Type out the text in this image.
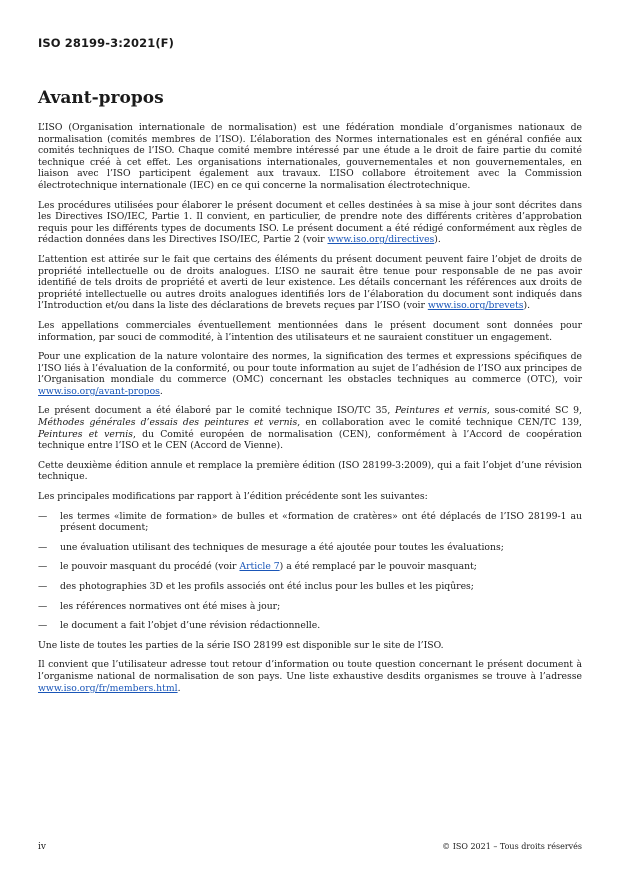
ISO 28199-3:2021(F)
Avant-propos

L’ISO (Organisation internationale de normalisation) est une fédération mondiale d’organismes nationaux de normalisation (comités membres de l’ISO). L’élaboration des Normes internationales est en général confiée aux comités techniques de l’ISO. Chaque comité membre intéressé par une étude a le droit de faire partie du comité technique créé à cet effet. Les organisations internationales, gouvernementales et non gouvernementales, en liaison avec l’ISO participent également aux travaux. L’ISO collabore étroitement avec la Commission électrotechnique internationale (IEC) en ce qui concerne la normalisation électrotechnique.

Les procédures utilisées pour élaborer le présent document et celles destinées à sa mise à jour sont décrites dans les Directives ISO/IEC, Partie 1. Il convient, en particulier, de prendre note des différents critères d’approbation requis pour les différents types de documents ISO. Le présent document a été rédigé conformément aux règles de rédaction données dans les Directives ISO/IEC, Partie 2 (voir www.iso.org/directives).

L’attention est attirée sur le fait que certains des éléments du présent document peuvent faire l’objet de droits de propriété intellectuelle ou de droits analogues. L’ISO ne saurait être tenue pour responsable de ne pas avoir identifié de tels droits de propriété et averti de leur existence. Les détails concernant les références aux droits de propriété intellectuelle ou autres droits analogues identifiés lors de l’élaboration du document sont indiqués dans l’Introduction et/ou dans la liste des déclarations de brevets reçues par l’ISO (voir www.iso.org/brevets).

Les appellations commerciales éventuellement mentionnées dans le présent document sont données pour information, par souci de commodité, à l’intention des utilisateurs et ne sauraient constituer un engagement.

Pour une explication de la nature volontaire des normes, la signification des termes et expressions spécifiques de l’ISO liés à l’évaluation de la conformité, ou pour toute information au sujet de l’adhésion de l’ISO aux principes de l’Organisation mondiale du commerce (OMC) concernant les obstacles techniques au commerce (OTC), voir www.iso.org/avant-propos.

Le présent document a été élaboré par le comité technique ISO/TC 35, Peintures et vernis, sous-comité SC 9, Méthodes générales d’essais des peintures et vernis, en collaboration avec le comité technique CEN/TC 139, Peintures et vernis, du Comité européen de normalisation (CEN), conformément à l’Accord de coopération technique entre l’ISO et le CEN (Accord de Vienne).

Cette deuxième édition annule et remplace la première édition (ISO 28199-3:2009), qui a fait l’objet d’une révision technique.

Les principales modifications par rapport à l’édition précédente sont les suivantes:

— les termes «limite de formation» de bulles et «formation de cratères» ont été déplacés de l’ISO 28199-1 au présent document;
— une évaluation utilisant des techniques de mesurage a été ajoutée pour toutes les évaluations;
— le pouvoir masquant du procédé (voir Article 7) a été remplacé par le pouvoir masquant;
— des photographies 3D et les profils associés ont été inclus pour les bulles et les piqûres;
— les références normatives ont été mises à jour;
— le document a fait l’objet d’une révision rédactionnelle.

Une liste de toutes les parties de la série ISO 28199 est disponible sur le site de l’ISO.

Il convient que l’utilisateur adresse tout retour d’information ou toute question concernant le présent document à l’organisme national de normalisation de son pays. Une liste exhaustive desdits organismes se trouve à l’adresse www.iso.org/fr/members.html.

iv	© ISO 2021 – Tous droits réservés
